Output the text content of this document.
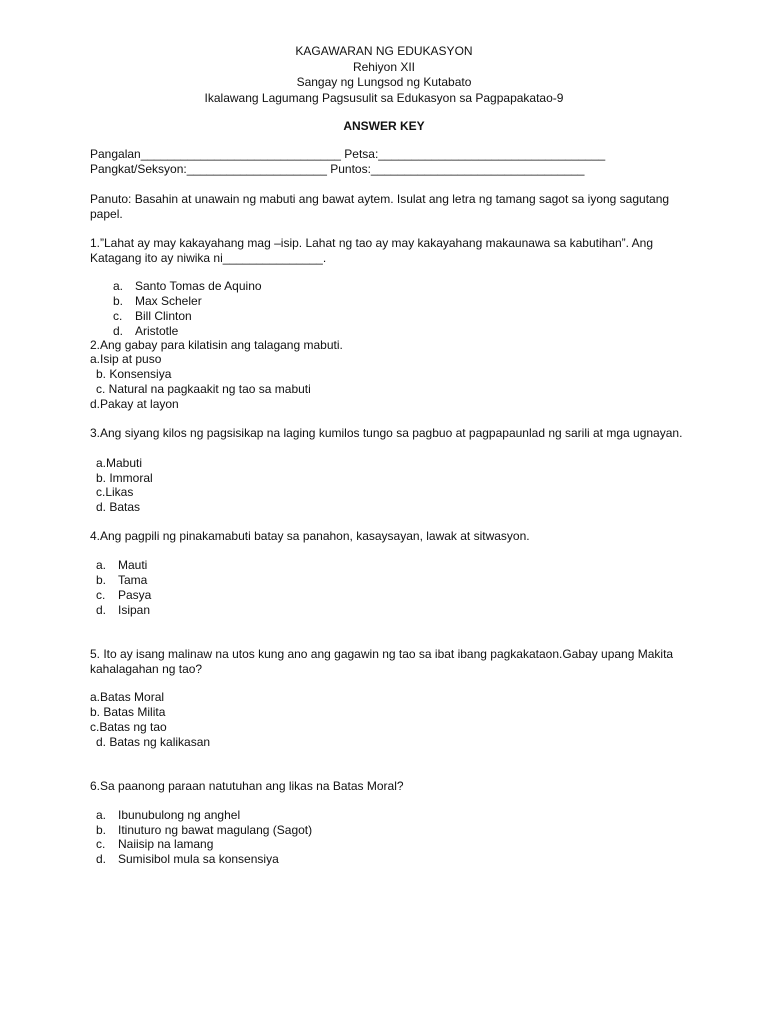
KAGAWARAN NG EDUKASYON
Rehiyon XII
Sangay ng Lungsod ng Kutabato
Ikalawang Lagumang Pagsusulit sa Edukasyon sa Pagpapakatao-9
ANSWER KEY
Pangalan______________________________ Petsa:__________________________________
Pangkat/Seksyon:_____________________ Puntos:________________________________
Panuto: Basahin at unawain ng mabuti ang bawat aytem. Isulat ang letra ng tamang sagot sa iyong sagutang papel.
1.”Lahat ay may kakayahang mag –isip. Lahat ng tao ay may kakayahang makaunawa sa kabutihan”. Ang Katagang ito ay niwika ni_______________.
a. Santo Tomas de Aquino
b. Max Scheler
c. Bill Clinton
d. Aristotle
2.Ang gabay para kilatisin ang talagang mabuti.
a.Isip at puso
b. Konsensiya
c. Natural na pagkaakit ng tao sa mabuti
d.Pakay at layon
3.Ang siyang kilos ng pagsisikap na laging kumilos tungo sa pagbuo at pagpapaunlad ng sarili at mga ugnayan.
a.Mabuti
b. Immoral
c.Likas
d. Batas
4.Ang pagpili ng pinakamabuti batay sa panahon, kasaysayan, lawak at sitwasyon.
a. Mauti
b. Tama
c. Pasya
d. Isipan
5. Ito ay isang malinaw na utos kung ano ang gagawin ng tao sa ibat ibang pagkakataon.Gabay upang Makita kahalagahan ng tao?
a.Batas Moral
b. Batas Milita
c.Batas ng tao
d. Batas ng kalikasan
6.Sa paanong paraan natutuhan ang likas na Batas Moral?
a. Ibunubulong ng anghel
b. Itinuturo ng bawat magulang (Sagot)
c. Naiisip na lamang
d. Sumisibol mula sa konsensiya
